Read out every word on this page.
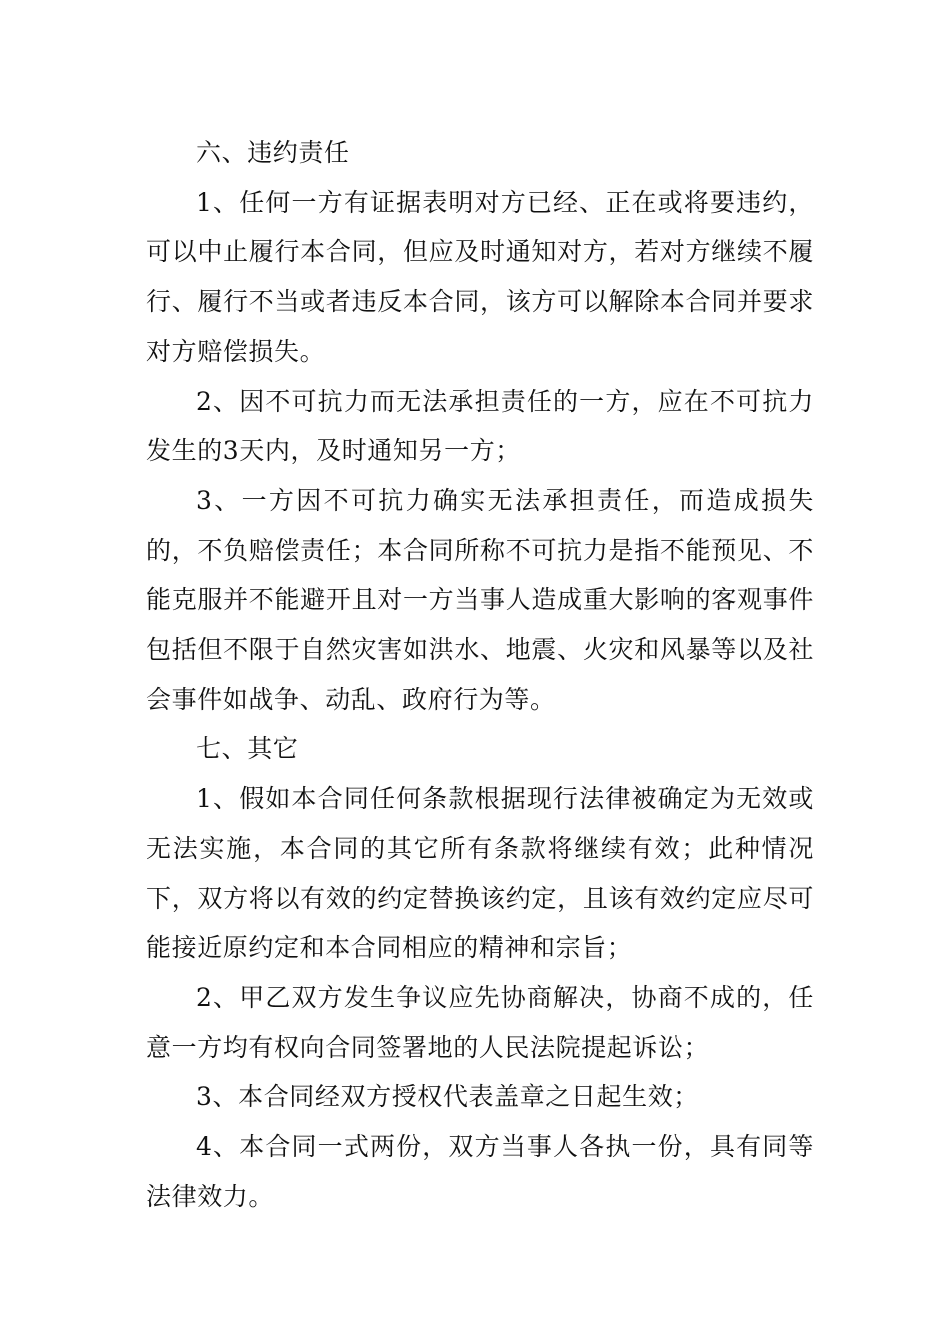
六、违约责任

1、任何一方有证据表明对方已经、正在或将要违约，可以中止履行本合同，但应及时通知对方，若对方继续不履行、履行不当或者违反本合同，该方可以解除本合同并要求对方赔偿损失。

2、因不可抗力而无法承担责任的一方，应在不可抗力发生的3天内，及时通知另一方；

3、一方因不可抗力确实无法承担责任，而造成损失的，不负赔偿责任；本合同所称不可抗力是指不能预见、不能克服并不能避开且对一方当事人造成重大影响的客观事件包括但不限于自然灾害如洪水、地震、火灾和风暴等以及社会事件如战争、动乱、政府行为等。

七、其它

1、假如本合同任何条款根据现行法律被确定为无效或无法实施，本合同的其它所有条款将继续有效；此种情况下，双方将以有效的约定替换该约定，且该有效约定应尽可能接近原约定和本合同相应的精神和宗旨；

2、甲乙双方发生争议应先协商解决，协商不成的，任意一方均有权向合同签署地的人民法院提起诉讼；

3、本合同经双方授权代表盖章之日起生效；

4、本合同一式两份，双方当事人各执一份，具有同等法律效力。
